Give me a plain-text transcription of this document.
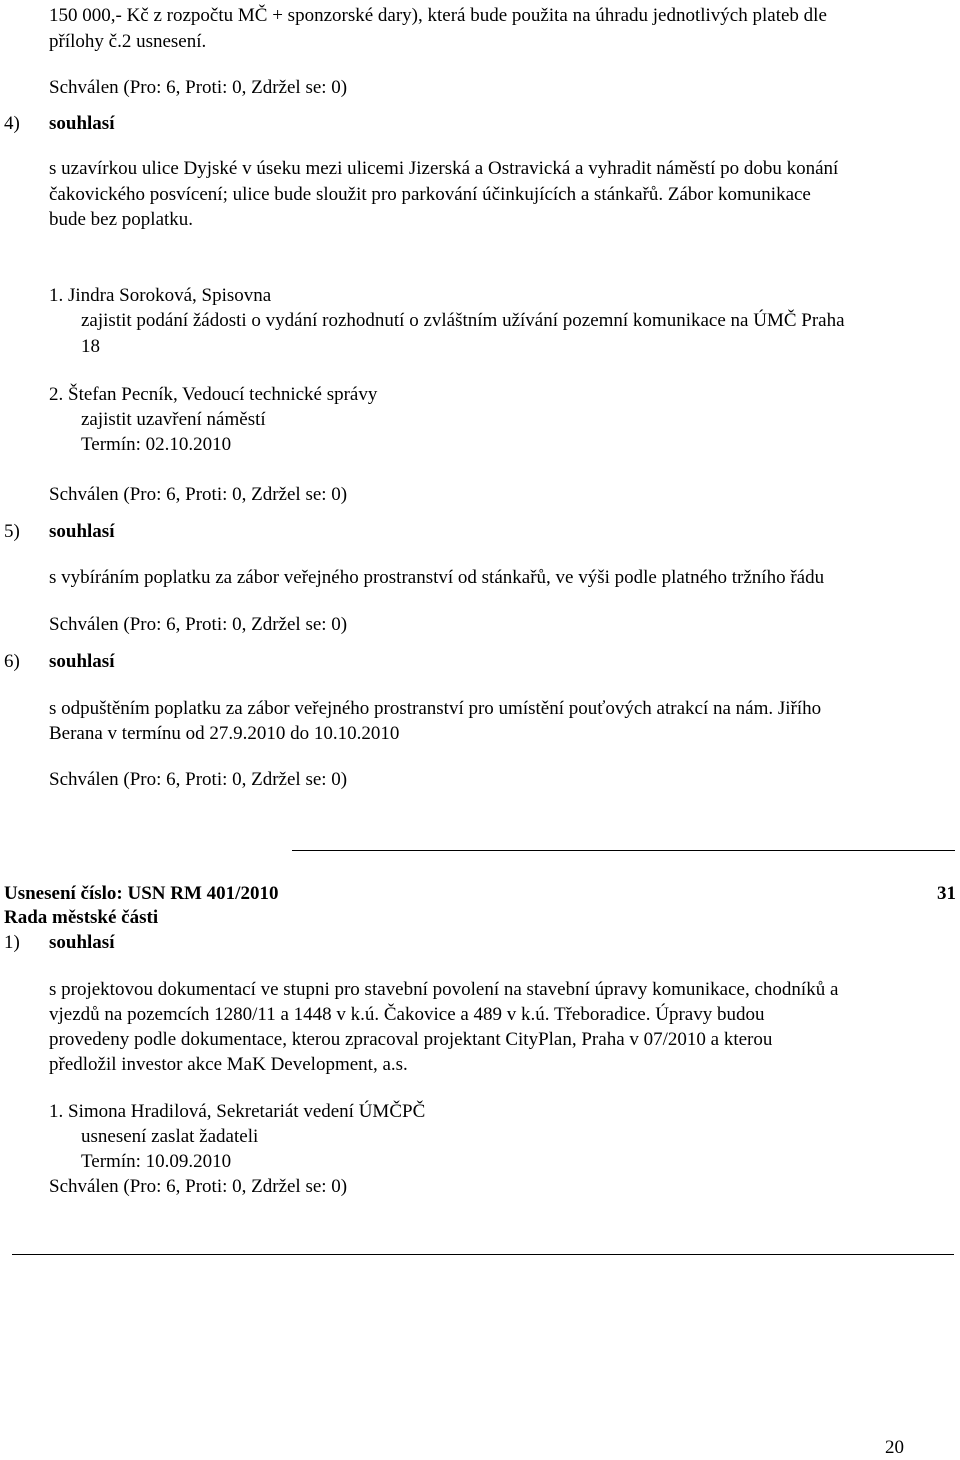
150 000,- Kč z rozpočtu MČ + sponzorské dary), která bude použita na úhradu jednotlivých plateb dle
přílohy č.2 usnesení.
Schválen (Pro: 6, Proti: 0, Zdržel se: 0)
4) souhlasí
s uzavírkou ulice Dyjské v úseku mezi ulicemi Jizerská a Ostravická a vyhradit náměstí po dobu konání
čakovického posvícení; ulice bude sloužit pro parkování účinkujících a stánkařů. Zábor komunikace
bude bez poplatku.
1. Jindra Soroková, Spisovna
zajistit podání žádosti o vydání rozhodnutí o zvláštním užívání pozemní komunikace na ÚMČ Praha
18
2. Štefan Pecník, Vedoucí technické správy
zajistit uzavření náměstí
Termín: 02.10.2010
Schválen (Pro: 6, Proti: 0, Zdržel se: 0)
5) souhlasí
s vybíráním poplatku za zábor veřejného prostranství od stánkařů, ve výši podle platného tržního řádu
Schválen (Pro: 6, Proti: 0, Zdržel se: 0)
6) souhlasí
s odpuštěním poplatku za zábor veřejného prostranství pro umístění pouťových atrakcí na nám. Jiřího
Berana v termínu od 27.9.2010 do 10.10.2010
Schválen (Pro: 6, Proti: 0, Zdržel se: 0)
Usnesení číslo: USN RM 401/2010	31
Rada městské části
1) souhlasí
s projektovou dokumentací ve stupni pro stavební povolení na stavební úpravy komunikace, chodníků a
vjezdů na pozemcích 1280/11 a 1448 v k.ú. Čakovice a 489 v k.ú. Třeboradice. Úpravy budou
provedeny podle dokumentace, kterou zpracoval projektant CityPlan, Praha v 07/2010 a kterou
předložil investor akce MaK Development, a.s.
1. Simona Hradilová, Sekretariát vedení ÚMČPČ
usnesení zaslat žadateli
Termín: 10.09.2010
Schválen (Pro: 6, Proti: 0, Zdržel se: 0)
20
